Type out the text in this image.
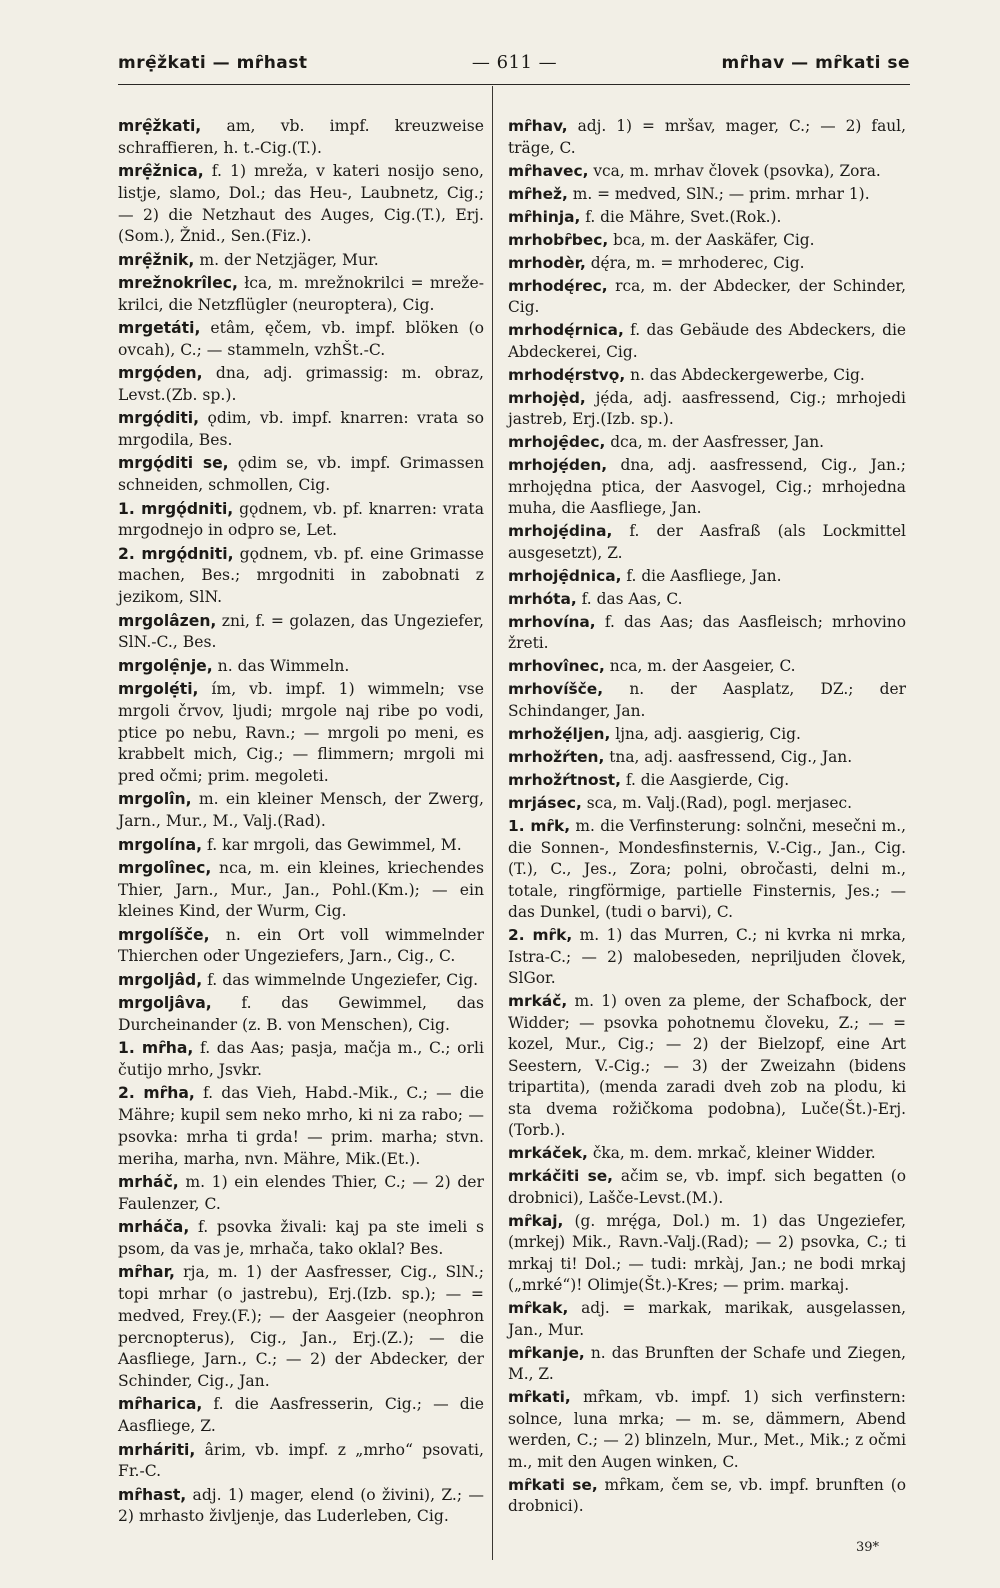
mrẹ̑žkati — mȓhast	— 611 —	mȓhav — mȓkati se

mrẹ̑žkati, am, vb. impf. kreuzweise schraffieren, h. t.-Cig.(T.).

mrẹ̑žnica, f. 1) mreža, v kateri nosijo seno, listje, slamo, Dol.; das Heu-, Laubnetz, Cig.; — 2) die Netzhaut des Auges, Cig.(T.), Erj.(Som.), Žnid., Sen.(Fiz.).

mrẹ̑žnik, m. der Netzjäger, Mur.

mrežnokrîlec, łca, m. mrežnokrilci = mreže-krilci, die Netzflügler (neuroptera), Cig.

mrgetáti, etâm, ęčem, vb. impf. blöken (o ovcah), C.; — stammeln, vzhŠt.-C.

mrgǫ́den, dna, adj. grimassig: m. obraz, Levst.(Zb. sp.).

mrgǫ́diti, ǫdim, vb. impf. knarren: vrata so mrgodila, Bes.

mrgǫ́diti se, ǫdim se, vb. impf. Grimassen schneiden, schmollen, Cig.

1. mrgǫ́dniti, gǫdnem, vb. pf. knarren: vrata mrgodnejo in odpro se, Let.

2. mrgǫ́dniti, gǫdnem, vb. pf. eine Grimasse machen, Bes.; mrgodniti in zabobnati z jezikom, SlN.

mrgolâzen, zni, f. = golazen, das Ungeziefer, SlN.-C., Bes.

mrgolẹ̑nje, n. das Wimmeln.

mrgolẹ́ti, ím, vb. impf. 1) wimmeln; vse mrgoli črvov, ljudi; mrgole naj ribe po vodi, ptice po nebu, Ravn.; — mrgoli po meni, es krabbelt mich, Cig.; — flimmern; mrgoli mi pred očmi; prim. megoleti.

mrgolîn, m. ein kleiner Mensch, der Zwerg, Jarn., Mur., M., Valj.(Rad).

mrgolína, f. kar mrgoli, das Gewimmel, M.

mrgolînec, nca, m. ein kleines, kriechendes Thier, Jarn., Mur., Jan., Pohl.(Km.); — ein kleines Kind, der Wurm, Cig.

mrgolíšče, n. ein Ort voll wimmelnder Thierchen oder Ungeziefers, Jarn., Cig., C.

mrgoljâd, f. das wimmelnde Ungeziefer, Cig.

mrgoljâva, f. das Gewimmel, das Durcheinander (z. B. von Menschen), Cig.

1. mȓha, f. das Aas; pasja, mačja m., C.; orli čutijo mrho, Jsvkr.

2. mȓha, f. das Vieh, Habd.-Mik., C.; — die Mähre; kupil sem neko mrho, ki ni za rabo; — psovka: mrha ti grda! — prim. marha; stvn. meriha, marha, nvn. Mähre, Mik.(Et.).

mrháč, m. 1) ein elendes Thier, C.; — 2) der Faulenzer, C.

mrháča, f. psovka živali: kaj pa ste imeli s psom, da vas je, mrhača, tako oklal? Bes.

mȓhar, rja, m. 1) der Aasfresser, Cig., SlN.; topi mrhar (o jastrebu), Erj.(Izb. sp.); — = medved, Frey.(F.); — der Aasgeier (neophron percnopterus), Cig., Jan., Erj.(Z.); — die Aasfliege, Jarn., C.; — 2) der Abdecker, der Schinder, Cig., Jan.

mȓharica, f. die Aasfresserin, Cig.; — die Aasfliege, Z.

mrháriti, ârim, vb. impf. z „mrho“ psovati, Fr.-C.

mȓhast, adj. 1) mager, elend (o živini), Z.; — 2) mrhasto življenje, das Luderleben, Cig.

mȓhav, adj. 1) = mršav, mager, C.; — 2) faul, träge, C.

mȓhavec, vca, m. mrhav človek (psovka), Zora.

mȓhež, m. = medved, SlN.; — prim. mrhar 1).

mȓhinja, f. die Mähre, Svet.(Rok.).

mrhobȓbec, bca, m. der Aaskäfer, Cig.

mrhodèr, dę́ra, m. = mrhoderec, Cig.

mrhodę́rec, rca, m. der Abdecker, der Schinder, Cig.

mrhodę́rnica, f. das Gebäude des Abdeckers, die Abdeckerei, Cig.

mrhodę́rstvǫ, n. das Abdeckergewerbe, Cig.

mrhojẹ̀d, jẹ́da, adj. aasfressend, Cig.; mrhojedi jastreb, Erj.(Izb. sp.).

mrhojẹ̑dec, dca, m. der Aasfresser, Jan.

mrhojẹ́den, dna, adj. aasfressend, Cig., Jan.; mrhojędna ptica, der Aasvogel, Cig.; mrhojedna muha, die Aasfliege, Jan.

mrhojẹ́dina, f. der Aasfraß (als Lockmittel ausgesetzt), Z.

mrhojẹ̑dnica, f. die Aasfliege, Jan.

mrhóta, f. das Aas, C.

mrhovína, f. das Aas; das Aasfleisch; mrhovino žreti.

mrhovînec, nca, m. der Aasgeier, C.

mrhovíšče, n. der Aasplatz, DZ.; der Schindanger, Jan.

mrhožẹ́ljen, ljna, adj. aasgierig, Cig.

mrhožŕten, tna, adj. aasfressend, Cig., Jan.

mrhožŕtnost, f. die Aasgierde, Cig.

mrjásec, sca, m. Valj.(Rad), pogl. merjasec.

1. mȓk, m. die Verfinsterung: solnčni, mesečni m., die Sonnen-, Mondesfinsternis, V.-Cig., Jan., Cig.(T.), C., Jes., Zora; polni, obročasti, delni m., totale, ringförmige, partielle Finsternis, Jes.; — das Dunkel, (tudi o barvi), C.

2. mȓk, m. 1) das Murren, C.; ni kvrka ni mrka, Istra-C.; — 2) malobeseden, nepriljuden človek, SlGor.

mrkáč, m. 1) oven za pleme, der Schafbock, der Widder; — psovka pohotnemu človeku, Z.; — = kozel, Mur., Cig.; — 2) der Bielzopf, eine Art Seestern, V.-Cig.; — 3) der Zweizahn (bidens tripartita), (menda zaradi dveh zob na plodu, ki sta dvema rožičkoma podobna), Luče(Št.)-Erj.(Torb.).

mrkáček, čka, m. dem. mrkač, kleiner Widder.

mrkáčiti se, ačim se, vb. impf. sich begatten (o drobnici), Lašče-Levst.(M.).

mȓkaj, (g. mrę́ga, Dol.) m. 1) das Ungeziefer, (mrkej) Mik., Ravn.-Valj.(Rad); — 2) psovka, C.; ti mrkaj ti! Dol.; — tudi: mrkàj, Jan.; ne bodi mrkaj („mrké“)! Olimje(Št.)-Kres; — prim. markaj.

mȓkak, adj. = markak, marikak, ausgelassen, Jan., Mur.

mȓkanje, n. das Brunften der Schafe und Ziegen, M., Z.

mȓkati, mȓkam, vb. impf. 1) sich verfinstern: solnce, luna mrka; — m. se, dämmern, Abend werden, C.; — 2) blinzeln, Mur., Met., Mik.; z očmi m., mit den Augen winken, C.

mȓkati se, mȓkam, čem se, vb. impf. brunften (o drobnici).

39*
